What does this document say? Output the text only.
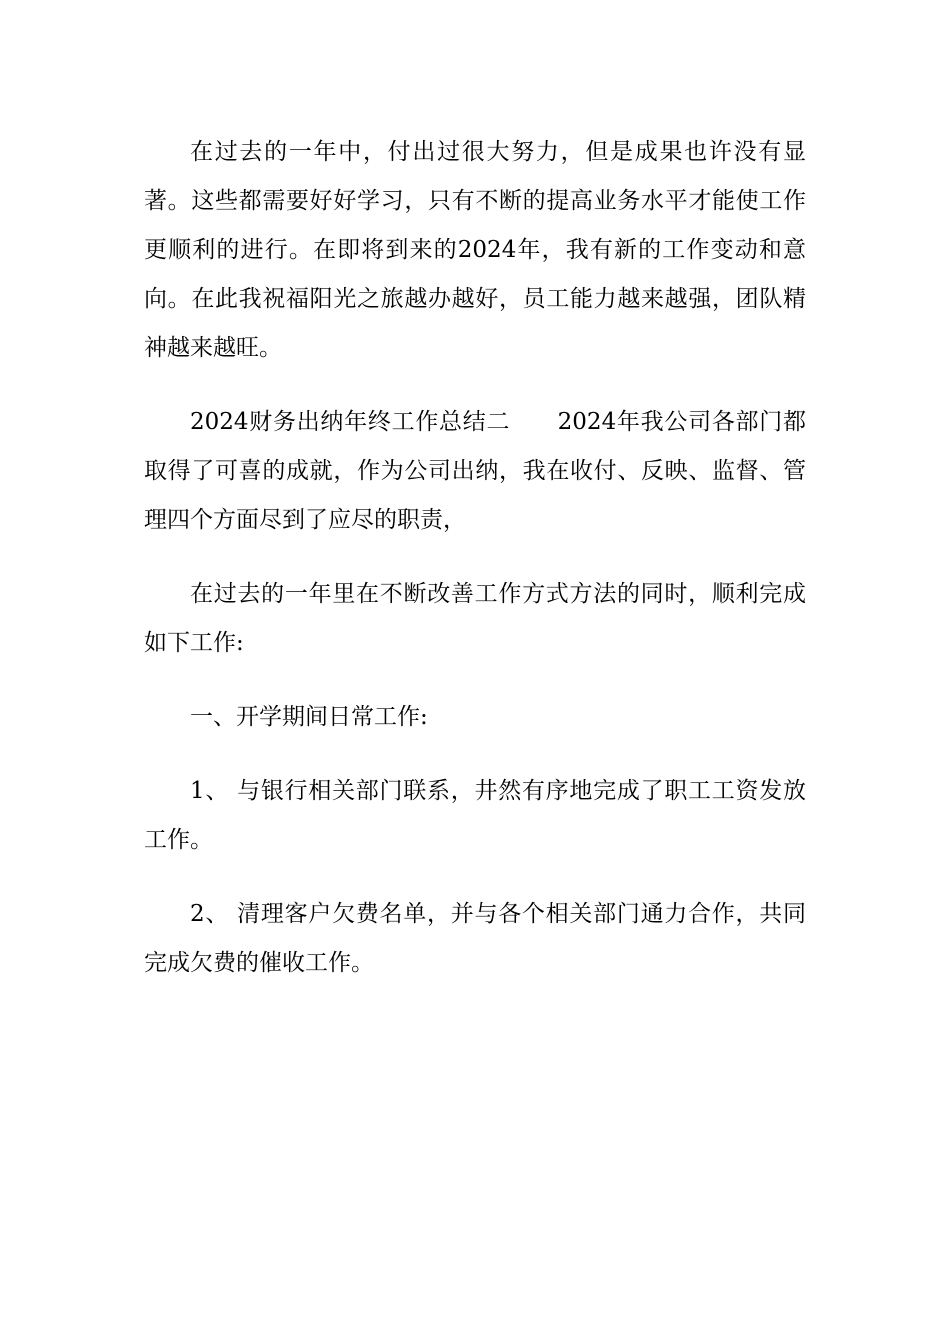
在过去的一年中，付出过很大努力，但是成果也许没有显著。这些都需要好好学习，只有不断的提高业务水平才能使工作更顺利的进行。在即将到来的2024年，我有新的工作变动和意向。在此我祝福阳光之旅越办越好，员工能力越来越强，团队精神越来越旺。

2024财务出纳年终工作总结二　　2024年我公司各部门都取得了可喜的成就，作为公司出纳，我在收付、反映、监督、管理四个方面尽到了应尽的职责，

在过去的一年里在不断改善工作方式方法的同时，顺利完成如下工作:

一、开学期间日常工作:

1、 与银行相关部门联系，井然有序地完成了职工工资发放工作。

2、 清理客户欠费名单，并与各个相关部门通力合作，共同完成欠费的催收工作。
